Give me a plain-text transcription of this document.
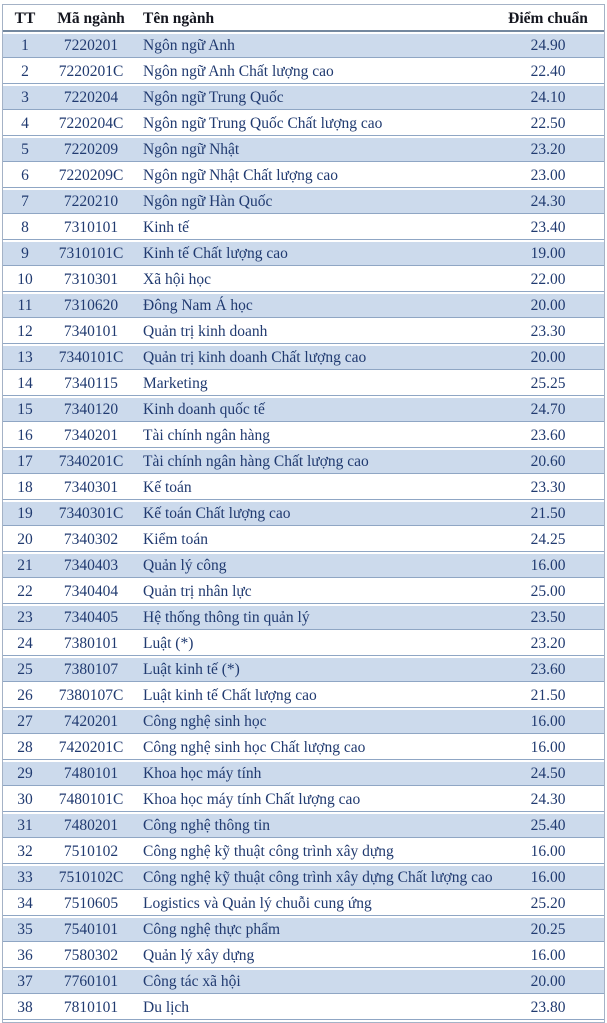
TT	Mã ngành	Tên ngành	Điểm chuẩn
1	7220201	Ngôn ngữ Anh	24.90
2	7220201C	Ngôn ngữ Anh Chất lượng cao	22.40
3	7220204	Ngôn ngữ Trung Quốc	24.10
4	7220204C	Ngôn ngữ Trung Quốc Chất lượng cao	22.50
5	7220209	Ngôn ngữ Nhật	23.20
6	7220209C	Ngôn ngữ Nhật Chất lượng cao	23.00
7	7220210	Ngôn ngữ Hàn Quốc	24.30
8	7310101	Kinh tế	23.40
9	7310101C	Kinh tế Chất lượng cao	19.00
10	7310301	Xã hội học	22.00
11	7310620	Đông Nam Á học	20.00
12	7340101	Quản trị kinh doanh	23.30
13	7340101C	Quản trị kinh doanh Chất lượng cao	20.00
14	7340115	Marketing	25.25
15	7340120	Kinh doanh quốc tế	24.70
16	7340201	Tài chính ngân hàng	23.60
17	7340201C	Tài chính ngân hàng Chất lượng cao	20.60
18	7340301	Kế toán	23.30
19	7340301C	Kế toán Chất lượng cao	21.50
20	7340302	Kiểm toán	24.25
21	7340403	Quản lý công	16.00
22	7340404	Quản trị nhân lực	25.00
23	7340405	Hệ thống thông tin quản lý	23.50
24	7380101	Luật (*)	23.20
25	7380107	Luật kinh tế (*)	23.60
26	7380107C	Luật kinh tế Chất lượng cao	21.50
27	7420201	Công nghệ sinh học	16.00
28	7420201C	Công nghệ sinh học Chất lượng cao	16.00
29	7480101	Khoa học máy tính	24.50
30	7480101C	Khoa học máy tính Chất lượng cao	24.30
31	7480201	Công nghệ thông tin	25.40
32	7510102	Công nghệ kỹ thuật công trình xây dựng	16.00
33	7510102C	Công nghệ kỹ thuật công trình xây dựng Chất lượng cao	16.00
34	7510605	Logistics và Quản lý chuỗi cung ứng	25.20
35	7540101	Công nghệ thực phẩm	20.25
36	7580302	Quản lý xây dựng	16.00
37	7760101	Công tác xã hội	20.00
38	7810101	Du lịch	23.80
